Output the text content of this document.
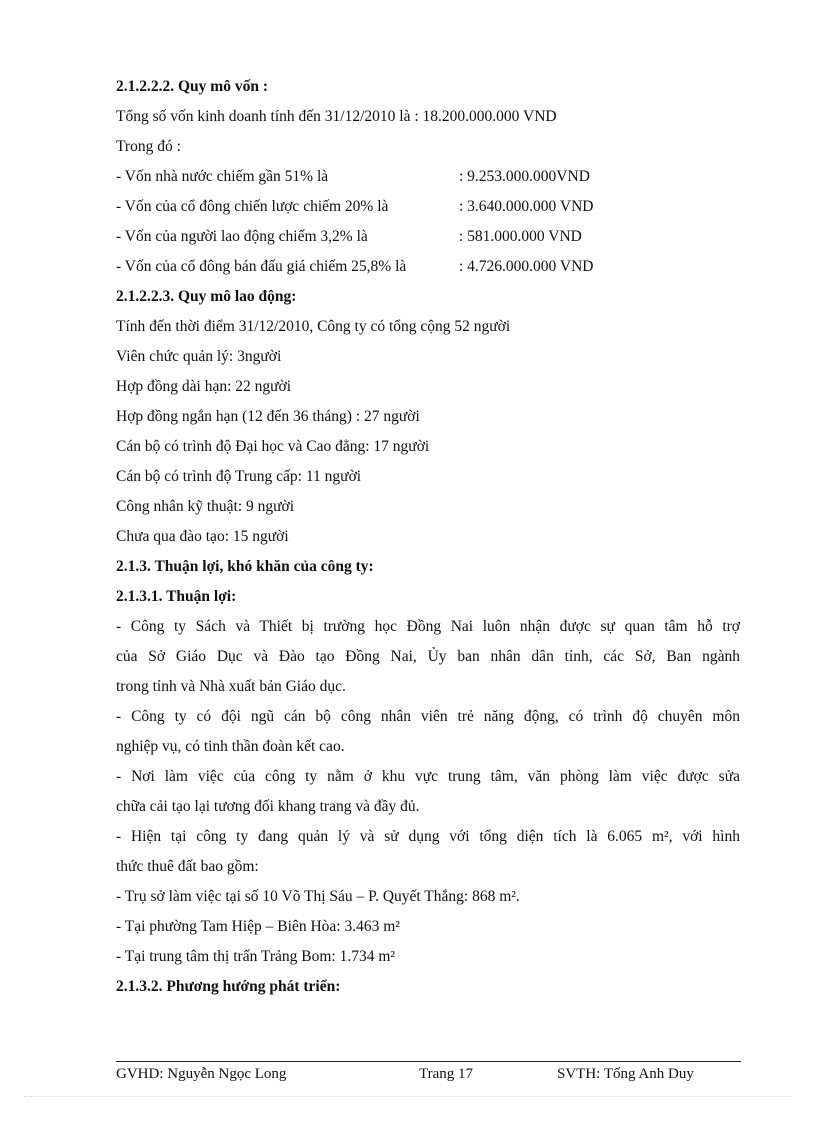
2.1.2.2.2. Quy mô vốn :
Tổng số vốn kinh doanh tính đến 31/12/2010 là : 18.200.000.000 VND
Trong đó :
- Vốn nhà nước chiếm gần 51% là	: 9.253.000.000VND
- Vốn của cổ đông chiến lược chiếm 20% là	: 3.640.000.000 VND
- Vốn của người lao động chiếm 3,2% là	: 581.000.000 VND
- Vốn của cổ đông bán đấu giá chiếm 25,8% là	: 4.726.000.000 VND
2.1.2.2.3. Quy mô lao động:
Tính đến thời điểm 31/12/2010, Công ty có tổng cộng 52 người
Viên chức quản lý: 3người
Hợp đồng dài hạn: 22 người
Hợp đồng ngắn hạn (12 đến 36 tháng) : 27 người
Cán bộ có trình độ Đại học và Cao đẳng: 17 người
Cán bộ có trình độ Trung cấp: 11 người
Công nhân kỹ thuật: 9 người
Chưa qua đào tạo: 15 người
2.1.3. Thuận lợi, khó khăn của công ty:
2.1.3.1. Thuận lợi:
- Công ty Sách và Thiết bị trường học Đồng Nai luôn nhận được sự quan tâm hỗ trợ
của Sở Giáo Dục và Đào tạo Đồng Nai, Ủy ban nhân dân tỉnh, các Sở, Ban ngành
trong tỉnh và Nhà xuất bản Giáo dục.
- Công ty có đội ngũ cán bộ công nhân viên trẻ năng động, có trình độ chuyên môn
nghiệp vụ, có tinh thần đoàn kết cao.
- Nơi làm việc của công ty nằm ở khu vực trung tâm, văn phòng làm việc được sửa
chữa cải tạo lại tương đối khang trang và đầy đủ.
- Hiện tại công ty đang quản lý và sử dụng với tổng diện tích là 6.065 m², với hình
thức thuê đất bao gồm:
- Trụ sở làm việc tại số 10 Võ Thị Sáu – P. Quyết Thắng: 868 m².
- Tại phường Tam Hiệp – Biên Hòa: 3.463 m²
- Tại trung tâm thị trấn Trảng Bom: 1.734 m²
2.1.3.2. Phương hướng phát triển:
GVHD: Nguyễn Ngọc Long	Trang 17	SVTH: Tống Anh Duy
